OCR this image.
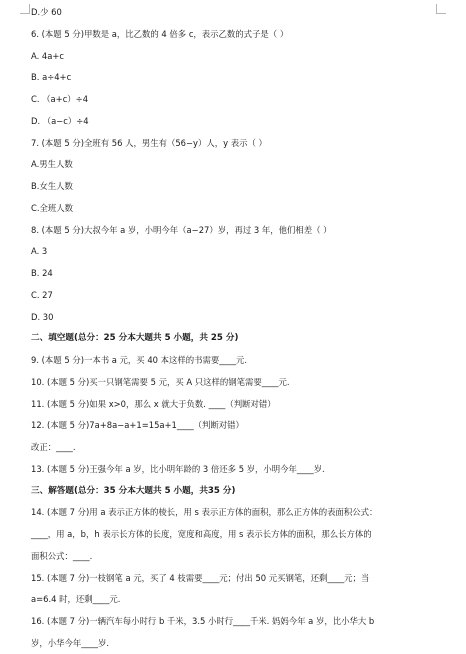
D.少 60
6. (本题 5 分)甲数是 a，比乙数的 4 倍多 c，表示乙数的式子是（ ）
A. 4a+c
B. a÷4+c
C. （a+c）÷4
D. （a−c）÷4
7. (本题 5 分)全班有 56 人，男生有（56−y）人，y 表示（ ）
A.男生人数
B.女生人数
C.全班人数
8. (本题 5 分)大叔今年 a 岁，小明今年（a−27）岁，再过 3 年，他们相差（ ）
A. 3
B. 24
C. 27
D. 30
二、填空题(总分：25 分本大题共 5 小题，共 25 分)
9. (本题 5 分)一本书 a 元，买 40 本这样的书需要____元.
10. (本题 5 分)买一只钢笔需要 5 元，买 A 只这样的钢笔需要____元.
11. (本题 5 分)如果 x>0，那么 x 就大于负数. ____（判断对错）
12. (本题 5 分)7a+8a−a+1=15a+1____（判断对错）
改正：____.
13. (本题 5 分)王强今年 a 岁，比小明年龄的 3 倍还多 5 岁，小明今年____岁.
三、解答题(总分：35 分本大题共 5 小题，共35 分)
14. (本题 7 分)用 a 表示正方体的棱长，用 s 表示正方体的面积，那么正方体的表面积公式：
____，用 a，b，h 表示长方体的长度，宽度和高度，用 s 表示长方体的面积，那么长方体的
面积公式：____.
15. (本题 7 分)一枝钢笔 a 元，买了 4 枝需要____元；付出 50 元买钢笔，还剩____元；当
a=6.4 时，还剩____元.
16. (本题 7 分)一辆汽车每小时行 b 千米，3.5 小时行____千米. 妈妈今年 a 岁，比小华大 b
岁，小华今年____岁.
